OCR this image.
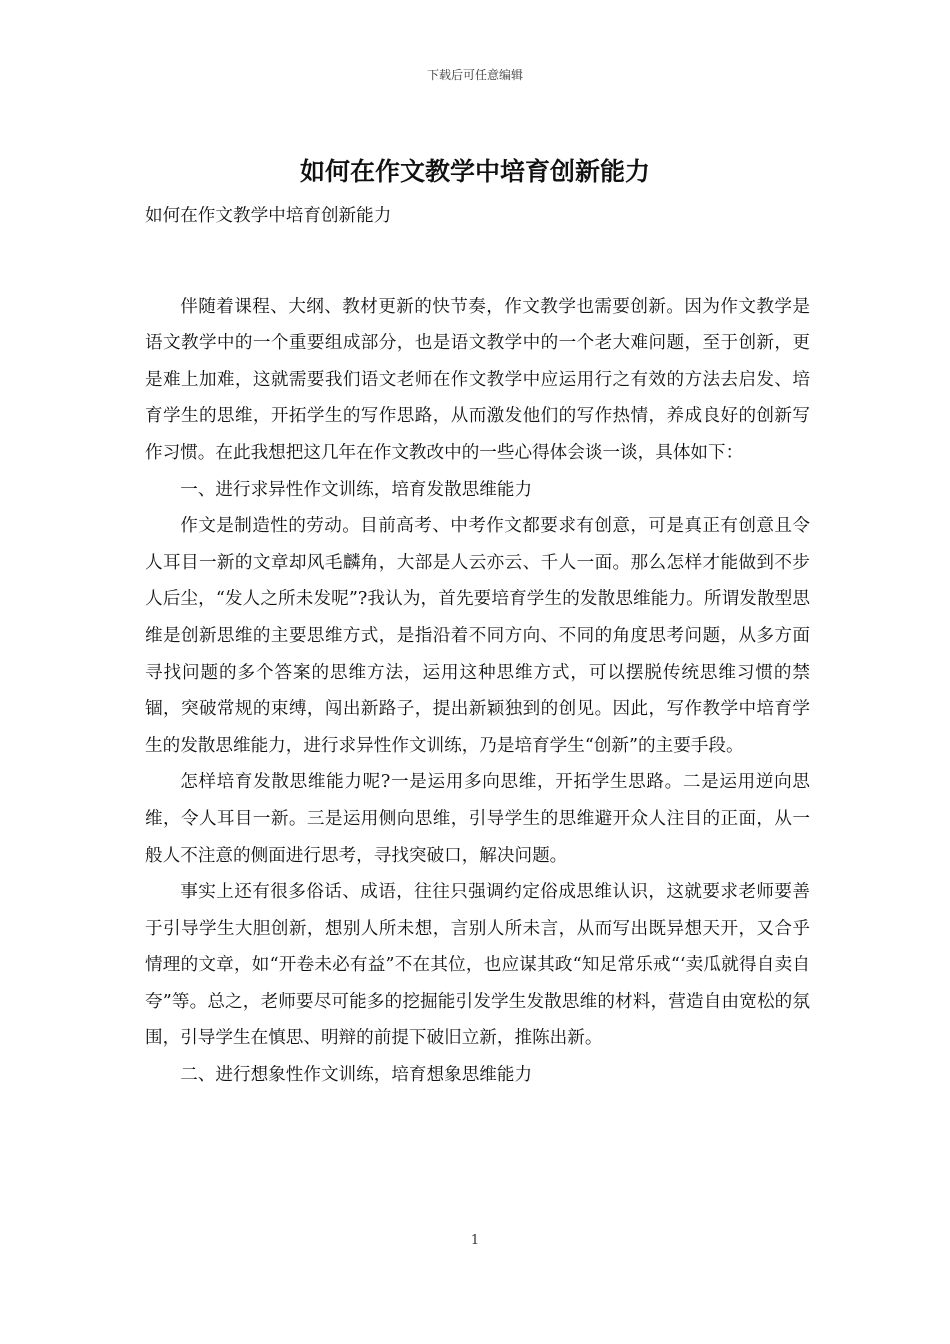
下载后可任意编辑
如何在作文教学中培育创新能力

如何在作文教学中培育创新能力

伴随着课程、大纲、教材更新的快节奏，作文教学也需要创新。因为作文教学是语文教学中的一个重要组成部分，也是语文教学中的一个老大难问题，至于创新，更是难上加难，这就需要我们语文老师在作文教学中应运用行之有效的方法去启发、培育学生的思维，开拓学生的写作思路，从而激发他们的写作热情，养成良好的创新写作习惯。在此我想把这几年在作文教改中的一些心得体会谈一谈，具体如下：

一、进行求异性作文训练，培育发散思维能力

作文是制造性的劳动。目前高考、中考作文都要求有创意，可是真正有创意且令人耳目一新的文章却风毛麟角，大部是人云亦云、千人一面。那么怎样才能做到不步人后尘，“发人之所未发呢”?我认为，首先要培育学生的发散思维能力。所谓发散型思维是创新思维的主要思维方式，是指沿着不同方向、不同的角度思考问题，从多方面寻找问题的多个答案的思维方法，运用这种思维方式，可以摆脱传统思维习惯的禁锢，突破常规的束缚，闯出新路子，提出新颖独到的创见。因此，写作教学中培育学生的发散思维能力，进行求异性作文训练，乃是培育学生“创新”的主要手段。

怎样培育发散思维能力呢?一是运用多向思维，开拓学生思路。二是运用逆向思维，令人耳目一新。三是运用侧向思维，引导学生的思维避开众人注目的正面，从一般人不注意的侧面进行思考，寻找突破口，解决问题。

事实上还有很多俗话、成语，往往只强调约定俗成思维认识，这就要求老师要善于引导学生大胆创新，想别人所未想，言别人所未言，从而写出既异想天开，又合乎情理的文章，如“开卷未必有益”不在其位，也应谋其政“知足常乐戒“‘卖瓜就得自卖自夸”等。总之，老师要尽可能多的挖掘能引发学生发散思维的材料，营造自由宽松的氛围，引导学生在慎思、明辩的前提下破旧立新，推陈出新。

二、进行想象性作文训练，培育想象思维能力

1
